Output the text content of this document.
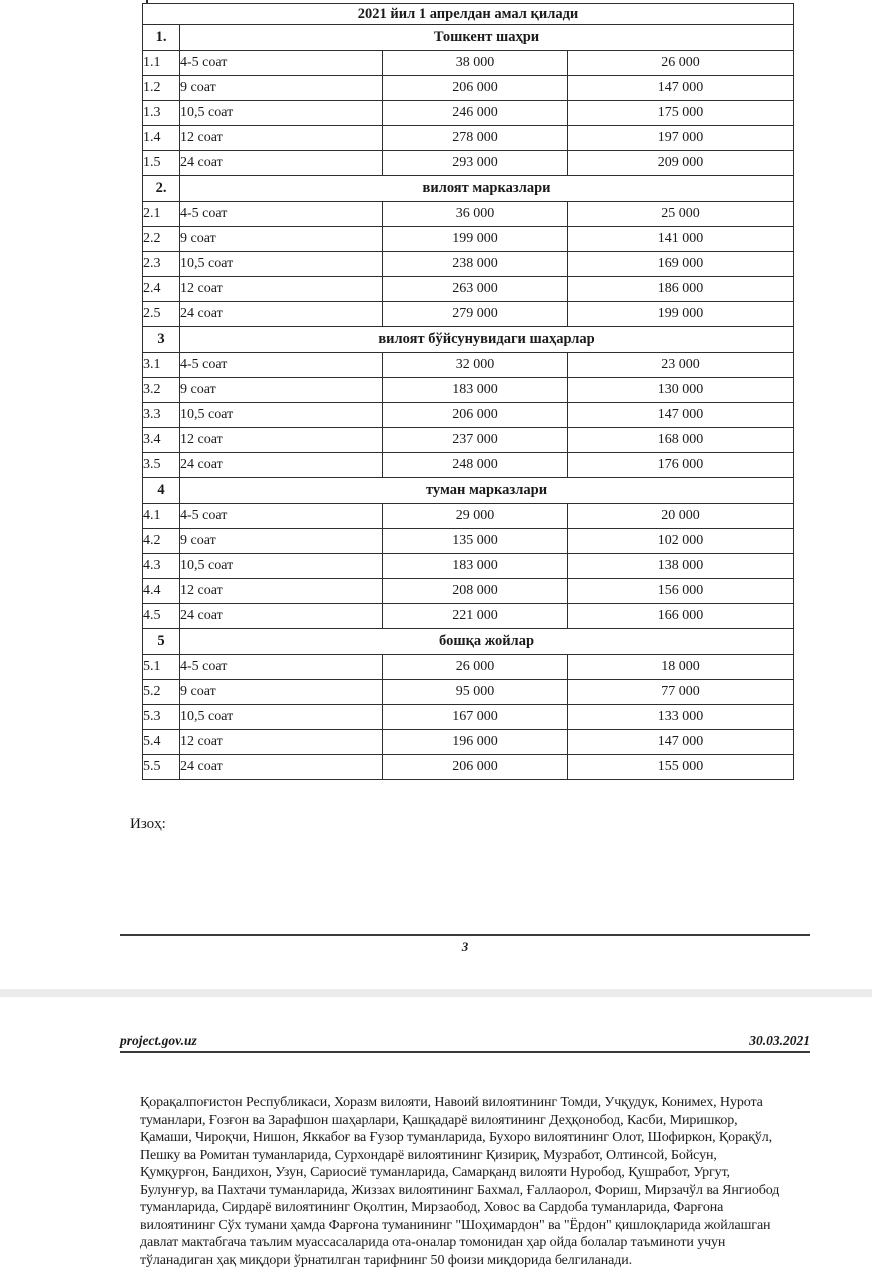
2021 йил 1 апрелдан амал қилади			
1.	Тошкент шаҳри		
1.1	4-5 соат	38 000	26 000
1.2	9 соат	206 000	147 000
1.3	10,5 соат	246 000	175 000
1.4	12 соат	278 000	197 000
1.5	24 соат	293 000	209 000
2.	вилоят марказлари		
2.1	4-5 соат	36 000	25 000
2.2	9 соат	199 000	141 000
2.3	10,5 соат	238 000	169 000
2.4	12 соат	263 000	186 000
2.5	24 соат	279 000	199 000
3	вилоят бўйсунувидаги шаҳарлар		
3.1	4-5 соат	32 000	23 000
3.2	9 соат	183 000	130 000
3.3	10,5 соат	206 000	147 000
3.4	12 соат	237 000	168 000
3.5	24 соат	248 000	176 000
4	туман марказлари		
4.1	4-5 соат	29 000	20 000
4.2	9 соат	135 000	102 000
4.3	10,5 соат	183 000	138 000
4.4	12 соат	208 000	156 000
4.5	24 соат	221 000	166 000
5	бошқа жойлар		
5.1	4-5 соат	26 000	18 000
5.2	9 соат	95 000	77 000
5.3	10,5 соат	167 000	133 000
5.4	12 соат	196 000	147 000
5.5	24 соат	206 000	155 000
Изоҳ:
3
project.gov.uz	30.03.2021
Қорақалпоғистон Республикаси, Хоразм вилояти, Навоий вилоятининг Томди, Учқудук, Конимех, Нурота
туманлари, Ғозғон ва Зарафшон шаҳарлари, Қашқадарё вилоятининг Деҳқонобод, Касби, Миришкор,
Қамаши, Чироқчи, Нишон, Яккабоғ ва Ғузор туманларида, Бухоро вилоятининг Олот, Шофиркон, Қорақўл,
Пешку ва Ромитан туманларида, Сурхондарё вилоятининг Қизириқ, Музработ, Олтинсой, Бойсун,
Қумқурғон, Бандихон, Узун, Сариосиё туманларида, Самарқанд вилояти Нуробод, Қушработ, Ургут,
Булунғур, ва Пахтачи туманларида, Жиззах вилоятининг Бахмал, Ғаллаорол, Фориш, Мирзачўл ва Янгиобод
туманларида, Сирдарё вилоятининг Оқолтин, Мирзаобод, Ховос ва Сардоба туманларида, Фарғона
вилоятининг Сўх тумани ҳамда Фарғона туманининг "Шоҳимардон" ва "Ёрдон" қишлоқларида жойлашган
давлат мактабгача таълим муассасаларида ота-оналар томонидан ҳар ойда болалар таъминоти учун
тўланадиган ҳақ миқдори ўрнатилган тарифнинг 50 фоизи миқдорида белгиланади.
